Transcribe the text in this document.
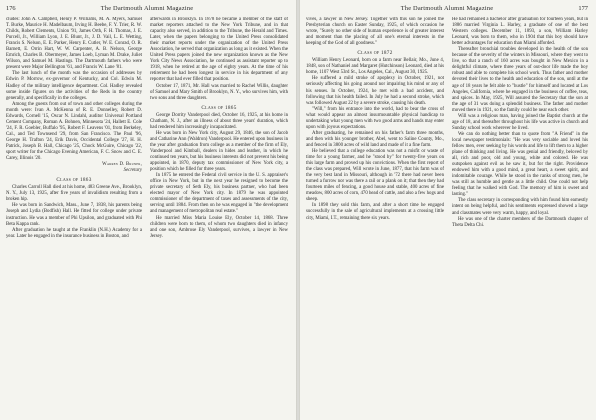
176	The Dartmouth Alumni Magazine

cludes: John A. Campbell, Henry P. Williams, M. A. Myers, Samuel T. Burke, Maurice H. Madelbaum, Irving H. Beebe, F. Y. Trier, R. W. Childs, Robert Clements, Union '91, James Orth, F. H. Thomas, J. E. Purcell, Jr., William Lyon, J. E. Blunt, Jr., J. D. Vail, L. E. Wetting, Francis S. Nelson, E. E. Parker, Henry E. Cutler, W. E. Conrad, O. R. Barnett, E. Orrin Hart, W. W. Carpenter, A. B. Nelson, George Emrich, Charles B. Obermeyer, James Loeb, Lyman M. Drake, Juliet Wilson, and Samuel M. Hastings. The Dartmouth fathers who were present were Major Bellington '61, and Francis W. Lane '81.

The last lunch of the month was the occasion of addresses by Edwin P. Morrow, ex-governor of Kentucky, and Col. Edwin M. Hadley of the military intelligence department. Col. Hadley revealed some inside figures on the activities of the Reds in the country generally, and specifically in the colleges.

Among the guests from out of town and other colleges during the month were: Ivan A. McKenna of R. E. Donnelley, Robert D. Edwards, Cornell '15, Oscar N. Lindahl, auditor Universal Portland Cement Company, Roman A. Bohnen, Minnesota '24, Hallett E. Cole '24, F. R. Goebler, Buffalo '95, Robert F. Leavens '01, from Berkeley, Cal., and Ted Townsend '29, from San Francisco. The Paul '96, George H. Trafton '24, Erik Davis, Occidental College '27, H. H. Patrick, Joseph B. Hall, Chicago '25, Chock McGuire, Chicago '22, sport writer for the Chicago Evening American, F. C. Snow and C. E. Carey, Illinois '20.

Warren D. Bruner,
Secretary

Class of 1863

Charles Carroll Hall died at his home, 483 Greene Ave., Brooklyn, N. Y., July 13, 1925, after five years of invalidism resulting from a broken hip.

He was born in Sandwich, Mass., June 7, 1838, his parents being Joseph and Lydia (Bodfish) Hall. He fitted for college under private instruction. He was a member of Phi Upsilon, and graduated with Phi Beta Kappa rank.

After graduation he taught at the Franklin (N.H.) Academy for a year. Later he engaged in the insurance business in Boston, and

afterwards in Brooklyn. In 1878 he became a member of the staff of market reporters attached to the New York Tribune, and in that capacity also served, in addition to the Tribune, the Herald and Times. Later, when the papers belonging to the United Press consolidated their market reports under the organization of the United Press Association, he served that organization as long as it existed. When the United Press papers joined the new organization known as the New York City News Association, he continued as assistant reporter up to 1918, when he retired at the age of eighty years. At the time of his retirement he had been longest in service in his department of any reporter that had ever filled that position.

October 17, 1871, Mr. Hall was married to Rachel Willis, daughter of Samuel and Mary Smith of Brooklyn, N. Y., who survives him, with two sons and three daughters.

Class of 1865

George Dorrity Vanderpool died, October 16, 1925, at his home in Chatham, N. J., after an illness of about three years' duration, which had rendered him increasingly incapacitated.

He was born in New York city, August 29, 1846, the son of Jacob and Catharine Ann (Waldron) Vanderpool. He entered upon business in the year after graduation from college as a member of the firm of Ely, Vanderpool and Kimball, dealers in hides and leather, in which he continued ten years, but his business interests did not prevent his being appointed, in 1870, deputy tax commissioner of New York city, a position which he filled for three years.

In 1875 he entered the Federal civil service in the U. S. appraiser's office in New York, but in the next year he resigned to become the private secretary of Seth Ely, his business partner, who had been elected mayor of New York city. In 1879 he was appointed commissioner of the department of taxes and assessments of the city, serving until 1884. From then on he was engaged in "the development and management of metropolitan real estate."

He married Miss Maria Louise Ely, October 14, 1868. Three children were born to them, of whom two daughters died in infancy and one son, Ambrose Ely Vanderpool, survives, a lawyer in New Jersey.

The Dartmouth Alumni Magazine	177

vives, a lawyer in New Jersey. Together with this son he joined the Presbyterian church on Easter Sunday, 1925, of which occasion he wrote, "Surely no other side of human experience is of greater interest and moment than the placing of all one's eternal interests in the keeping of the God of all goodness."

Class of 1872

William Henry Leonard, born on a farm near Bellair, Mo., June 4, 1848, son of Nathaniel and Margaret (Hutchinson) Leonard, died at his home, 1107 West 53rd St., Los Angeles, Cal., August 30, 1925.

He suffered a mild stroke of apoplexy in October, 1921, not seriously affecting his going around nor impairing his mind or any of his senses. In October, 1924, he met with a bad accident, and following that his health failed. In July he had a second stroke, which was followed August 22 by a severe stroke, causing his death.

"Will," from his entrance into the world, had to bear the cross of what would appear an almost insurmountable physical handicap to undertaking what young men with two good arms and hands may enter upon with joyous expectations.

After graduating, he remained on his father's farm three months, and then with his younger brother, Abel, went to Saline County, Mo., and fenced in 3800 acres of wild land and made of it a fine farm.

He believed that a college education was not a misfit or waste of time for a young farmer, and he "stood by" for twenty-five years on this large farm and proved up his convictions. When the first report of the class was prepared, Will wrote in June, 1877, that his farm was of the very best land in Missouri, although in '72 there had never been turned a furrow nor was there a rail or a plank on it; that then they had fourteen miles of fencing, a good house and stable, 400 acres of fine meadow, 800 acres of corn, 470 head of cattle, and also a few hogs and sheep.

In 1898 they sold this farm, and after a short time he engaged successfully in the sale of agricultural implements at a crossing little city, Miami, I.T., remaining there six years.

He had remained a bachelor after graduation for fourteen years, but in 1886 married Virginia L. Harley, a graduate of one of the best Western colleges. December 11, 1893, a son, William Harley Leonard, was born to them, who in 1904 that this boy should have better advantages for education than Miami afforded.

Thereafter bronchial troubles developed in the health of the son because of the severity of the winters in Missouri, where they went to live, so that a ranch of 160 acres was bought in New Mexico in a delightful climate, where three years of out-door life made the boy robust and able to complete his school work. Thus father and mother devoted their lives to the health and education of the son, until at the age of 18 years he felt able to "hustle" for himself and located at Los Angeles, California, where he engaged in the business of coffee, teas, and spices. In May, 1925, Will assured the Secretary that the son at the age of 31 was doing a splendid business. The father and mother moved there in 1921, so the family could be near each other.

Will was a religious man, having joined the Baptist church at the age of 18, and thereafter throughout his life was active in church and Sunday school work wherever he lived.

We can do nothing better than to quote from "A Friend" in the local newspaper testimonials: "He was very sociable and loved his fellow men, ever seeking by his words and life to lift them to a higher plane of thinking and living. He was genial and friendly, beloved by all, rich and poor, old and young, white and colored. He was outspoken against evil as he saw it, but for the right. Providence endowed him with a good mind, a great heart, a sweet spirit, and indomitable courage. While he stood in the ranks of strong men, he was still as humble and gentle as a little child. One could not help feeling that he walked with God. The memory of him is sweet and lasting."

The class secretary in corresponding with him found him earnestly intent on being helpful, and his sentiments expressed showed a large and classmates were very warm, happy, and loyal.

He was one of the charter members of the Dartmouth chapter of Theta Delta Chi.
